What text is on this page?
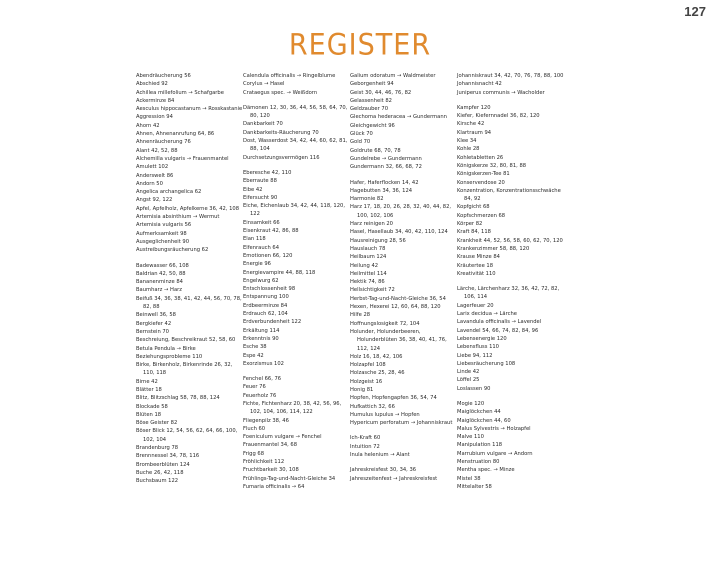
127
REGISTER
Abendräucherung 56
Abschied 92
Achillea millefolium → Schafgarbe
Ackerminze 84
Aesculus hippocastanum → Rosskastanie
Aggression 94
Ahorn 42
Ahnen, Ahnenanrufung 64, 86
Ahnenräucherung 76
Alant 42, 52, 88
Alchemilla vulgaris → Frauenmantel
Amulett 102
Anderswelt 86
Andorn 50
Angelica archangelica 62
Angst 92, 122
Apfel, Apfelholz, Apfelkerne 36, 42, 108
Artemisia absinthium → Wermut
Artemisia vulgaris 56
Aufmerksamkeit 98
Ausgeglichenheit 90
Austreibungsräucherung 62
Badewasser 66, 108
Baldrian 42, 50, 88
Bananenminze 84
Baumharz → Harz
Beifuß 34, 36, 38, 41, 42, 44, 56, 70, 78, 82, 88
Beinwell 36, 58
Bergkiefer 42
Bernstein 70
Beschreiung, Beschreikraut 52, 58, 60
Betula Pendula → Birke
Beziehungsprobleme 110
Birke, Birkenholz, Birkenrinde 26, 32, 110, 118
Birne 42
Blätter 18
Blitz, Blitzschlag 58, 78, 88, 124
Blockade 58
Blüten 18
Böse Geister 82
Böser Blick 12, 54, 56, 62, 64, 66, 100, 102, 104
Brandenburg 78
Brennnessel 34, 78, 116
Brombeerblüten 124
Buche 26, 42, 118
Buchsbaum 122
Calendula officinalis → Ringelblume
Corylus → Hasel
Crataegus spec. → Weißdorn
Dämonen 12, 30, 36, 44, 56, 58, 64, 70, 80, 120
Dankbarkeit 70
Dankbarkeits-Räucherung 70
Dost, Wasserdost 34, 42, 44, 60, 62, 81, 88, 104
Durchsetzungsvermögen 116
Eberesche 42, 110
Eberraute 88
Eibe 42
Eifersucht 90
Eiche, Eichenlaub 34, 42, 44, 118, 120, 122
Einsamkeit 66
Eisenkraut 42, 86, 88
Elan 118
Elfenrauch 64
Emotionen 66, 120
Energie 96
Energievampire 44, 88, 118
Engelwurg 62
Entschlossenheit 98
Entspannung 100
Erdbeerminze 84
Erdrauch 62, 104
Erdverbundenheit 122
Erkältung 114
Erkenntnis 90
Esche 38
Espe 42
Exorzismus 102
Fenchel 66, 76
Feuer 76
Feuerholz 76
Fichte, Fichtenharz 20, 38, 42, 56, 96, 102, 104, 106, 114, 122
Fliegenpilz 38, 46
Fluch 60
Foeniculum vulgare → Fenchel
Frauenmantel 34, 68
Frigg 68
Fröhlichkeit 112
Fruchtbarkeit 30, 108
Frühlings-Tag-und-Nacht-Gleiche 34
Fumaria officinalis → 64
Galium odoratum → Waldmeister
Geborgenheit 94
Geist 30, 44, 46, 76, 82
Gelassenheit 82
Geldzauber 70
Glechoma hederacea → Gundermann
Gleichgewicht 96
Glück 70
Gold 70
Goldrute 68, 70, 78
Gundelrebe → Gundermann
Gundermann 32, 66, 68, 72
Hafer, Haferflocken 14, 42
Hagebutten 34, 36, 124
Harmonie 82
Harz 17, 18, 20, 26, 28, 32, 40, 44, 82, 100, 102, 106
Harz reinigen 20
Hasel, Hasellaub 34, 40, 42, 110, 124
Hausreinigung 28, 56
Hauslauch 78
Heilbaum 124
Heilung 42
Heilmittel 114
Hektik 74, 86
Hellsichtigkeit 72
Herbst-Tag-und-Nacht-Gleiche 36, 54
Hexen, Hexerei 12, 60, 64, 88, 120
Hilfe 28
Hoffnungslosigkeit 72, 104
Holunder, Holunderbeeren, Holunderblüten 36, 38, 40, 41, 76, 112, 124
Holz 16, 18, 42, 106
Holzapfel 108
Holzasche 25, 28, 46
Holzgeist 16
Honig 81
Hopfen, Hopfengapfen 36, 54, 74
Hufkattich 32, 66
Humulus lupulus → Hopfen
Hypericum perforatum → Johanniskraut
Ich-Kraft 60
Intuition 72
Inula helenium → Alant
Jahreskreisfest 30, 34, 36
Jahreszeitenfest → Jahreskreisfest
Johanniskraut 34, 42, 70, 76, 78, 88, 100
Johannisnacht 42
Juniperus communis → Wacholder
Kampfer 120
Kiefer, Kiefernnadel 36, 82, 120
Kirsche 42
Klartraum 94
Klee 34
Kohle 28
Kohletabletten 26
Königskerze 32, 80, 81, 88
Königskerzen-Tee 81
Konservendose 20
Konzentration, Konzentrationsschwäche 84, 92
Kopfgicht 68
Kopfschmerzen 68
Körper 82
Kraft 84, 118
Krankheit 44, 52, 56, 58, 60, 62, 70, 120
Krankenzimmer 58, 88, 120
Krause Minze 84
Kräutertee 18
Kreativität 110
Lärche, Lärchenharz 32, 36, 42, 72, 82, 106, 114
Lagerfeuer 20
Larix decidua → Lärche
Lavandula officinalis → Lavendel
Lavendel 54, 66, 74, 82, 84, 96
Lebensenergie 120
Lebensfluss 110
Liebe 94, 112
Liebesräucherung 108
Linde 42
Löffel 25
Loslassen 90
Mogie 120
Maiglöckchen 44
Maiglöckchen 44, 60
Malus Sylvestris → Holzapfel
Malve 110
Manipulation 118
Marrubium vulgare → Andorn
Menstruation 80
Mentha spec. → Minze
Mistel 38
Mittelalter 58
